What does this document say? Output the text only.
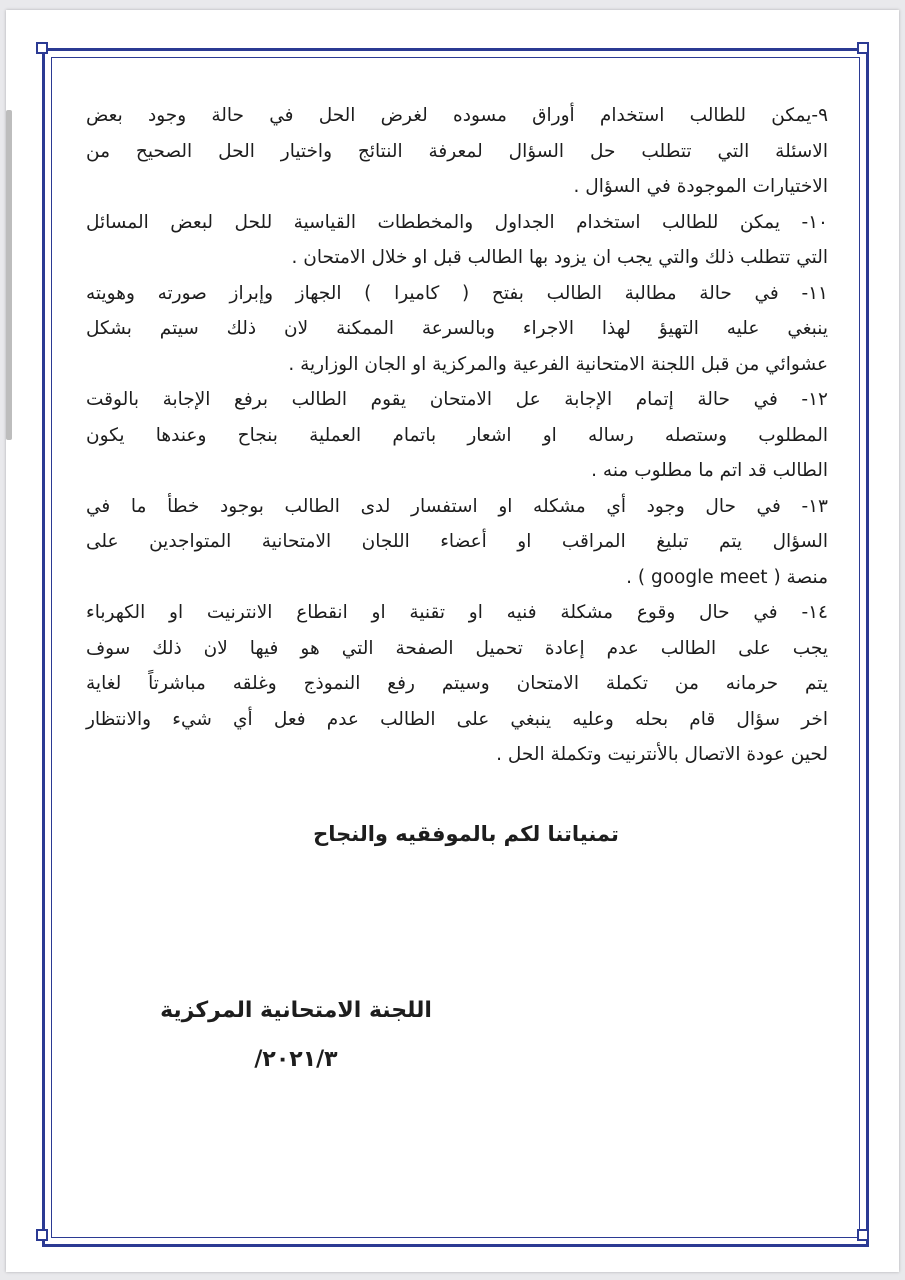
٩-يمكن للطالب استخدام أوراق مسوده لغرض الحل في حالة وجود بعض

الاسئلة التي تتطلب حل السؤال لمعرفة النتائج واختيار الحل الصحيح من

الاختيارات الموجودة في السؤال .

١٠- يمكن للطالب استخدام الجداول والمخططات القياسية للحل لبعض المسائل

التي تتطلب ذلك والتي يجب ان يزود بها الطالب قبل او خلال الامتحان .

١١- في حالة مطالبة الطالب بفتح ( كاميرا ) الجهاز وإبراز صورته وهويته

ينبغي عليه التهيؤ لهذا الاجراء وبالسرعة الممكنة لان ذلك سيتم بشكل

عشوائي من قبل اللجنة الامتحانية الفرعية والمركزية او الجان الوزارية .

١٢- في حالة إتمام الإجابة عل الامتحان يقوم الطالب برفع الإجابة بالوقت

المطلوب وستصله رساله او اشعار باتمام العملية بنجاح وعندها يكون

الطالب قد اتم ما مطلوب منه .

١٣- في حال وجود أي مشكله او استفسار لدى الطالب بوجود خطأ ما في

السؤال يتم تبليغ المراقب او أعضاء اللجان الامتحانية المتواجدين على

منصة ( google meet ) .

١٤- في حال وقوع مشكلة فنيه او تقنية او انقطاع الانترنيت او الكهرباء

يجب على الطالب عدم إعادة تحميل الصفحة التي هو فيها لان ذلك سوف

يتم حرمانه من تكملة الامتحان وسيتم رفع النموذج وغلقه مباشرتاً لغاية

اخر سؤال قام بحله وعليه ينبغي على الطالب عدم فعل أي شيء والانتظار

لحين عودة الاتصال بالأنترنيت وتكملة الحل .

تمنياتنا لكم بالموفقيه والنجاح
اللجنة الامتحانية المركزية
٢٠٢١/٣/
